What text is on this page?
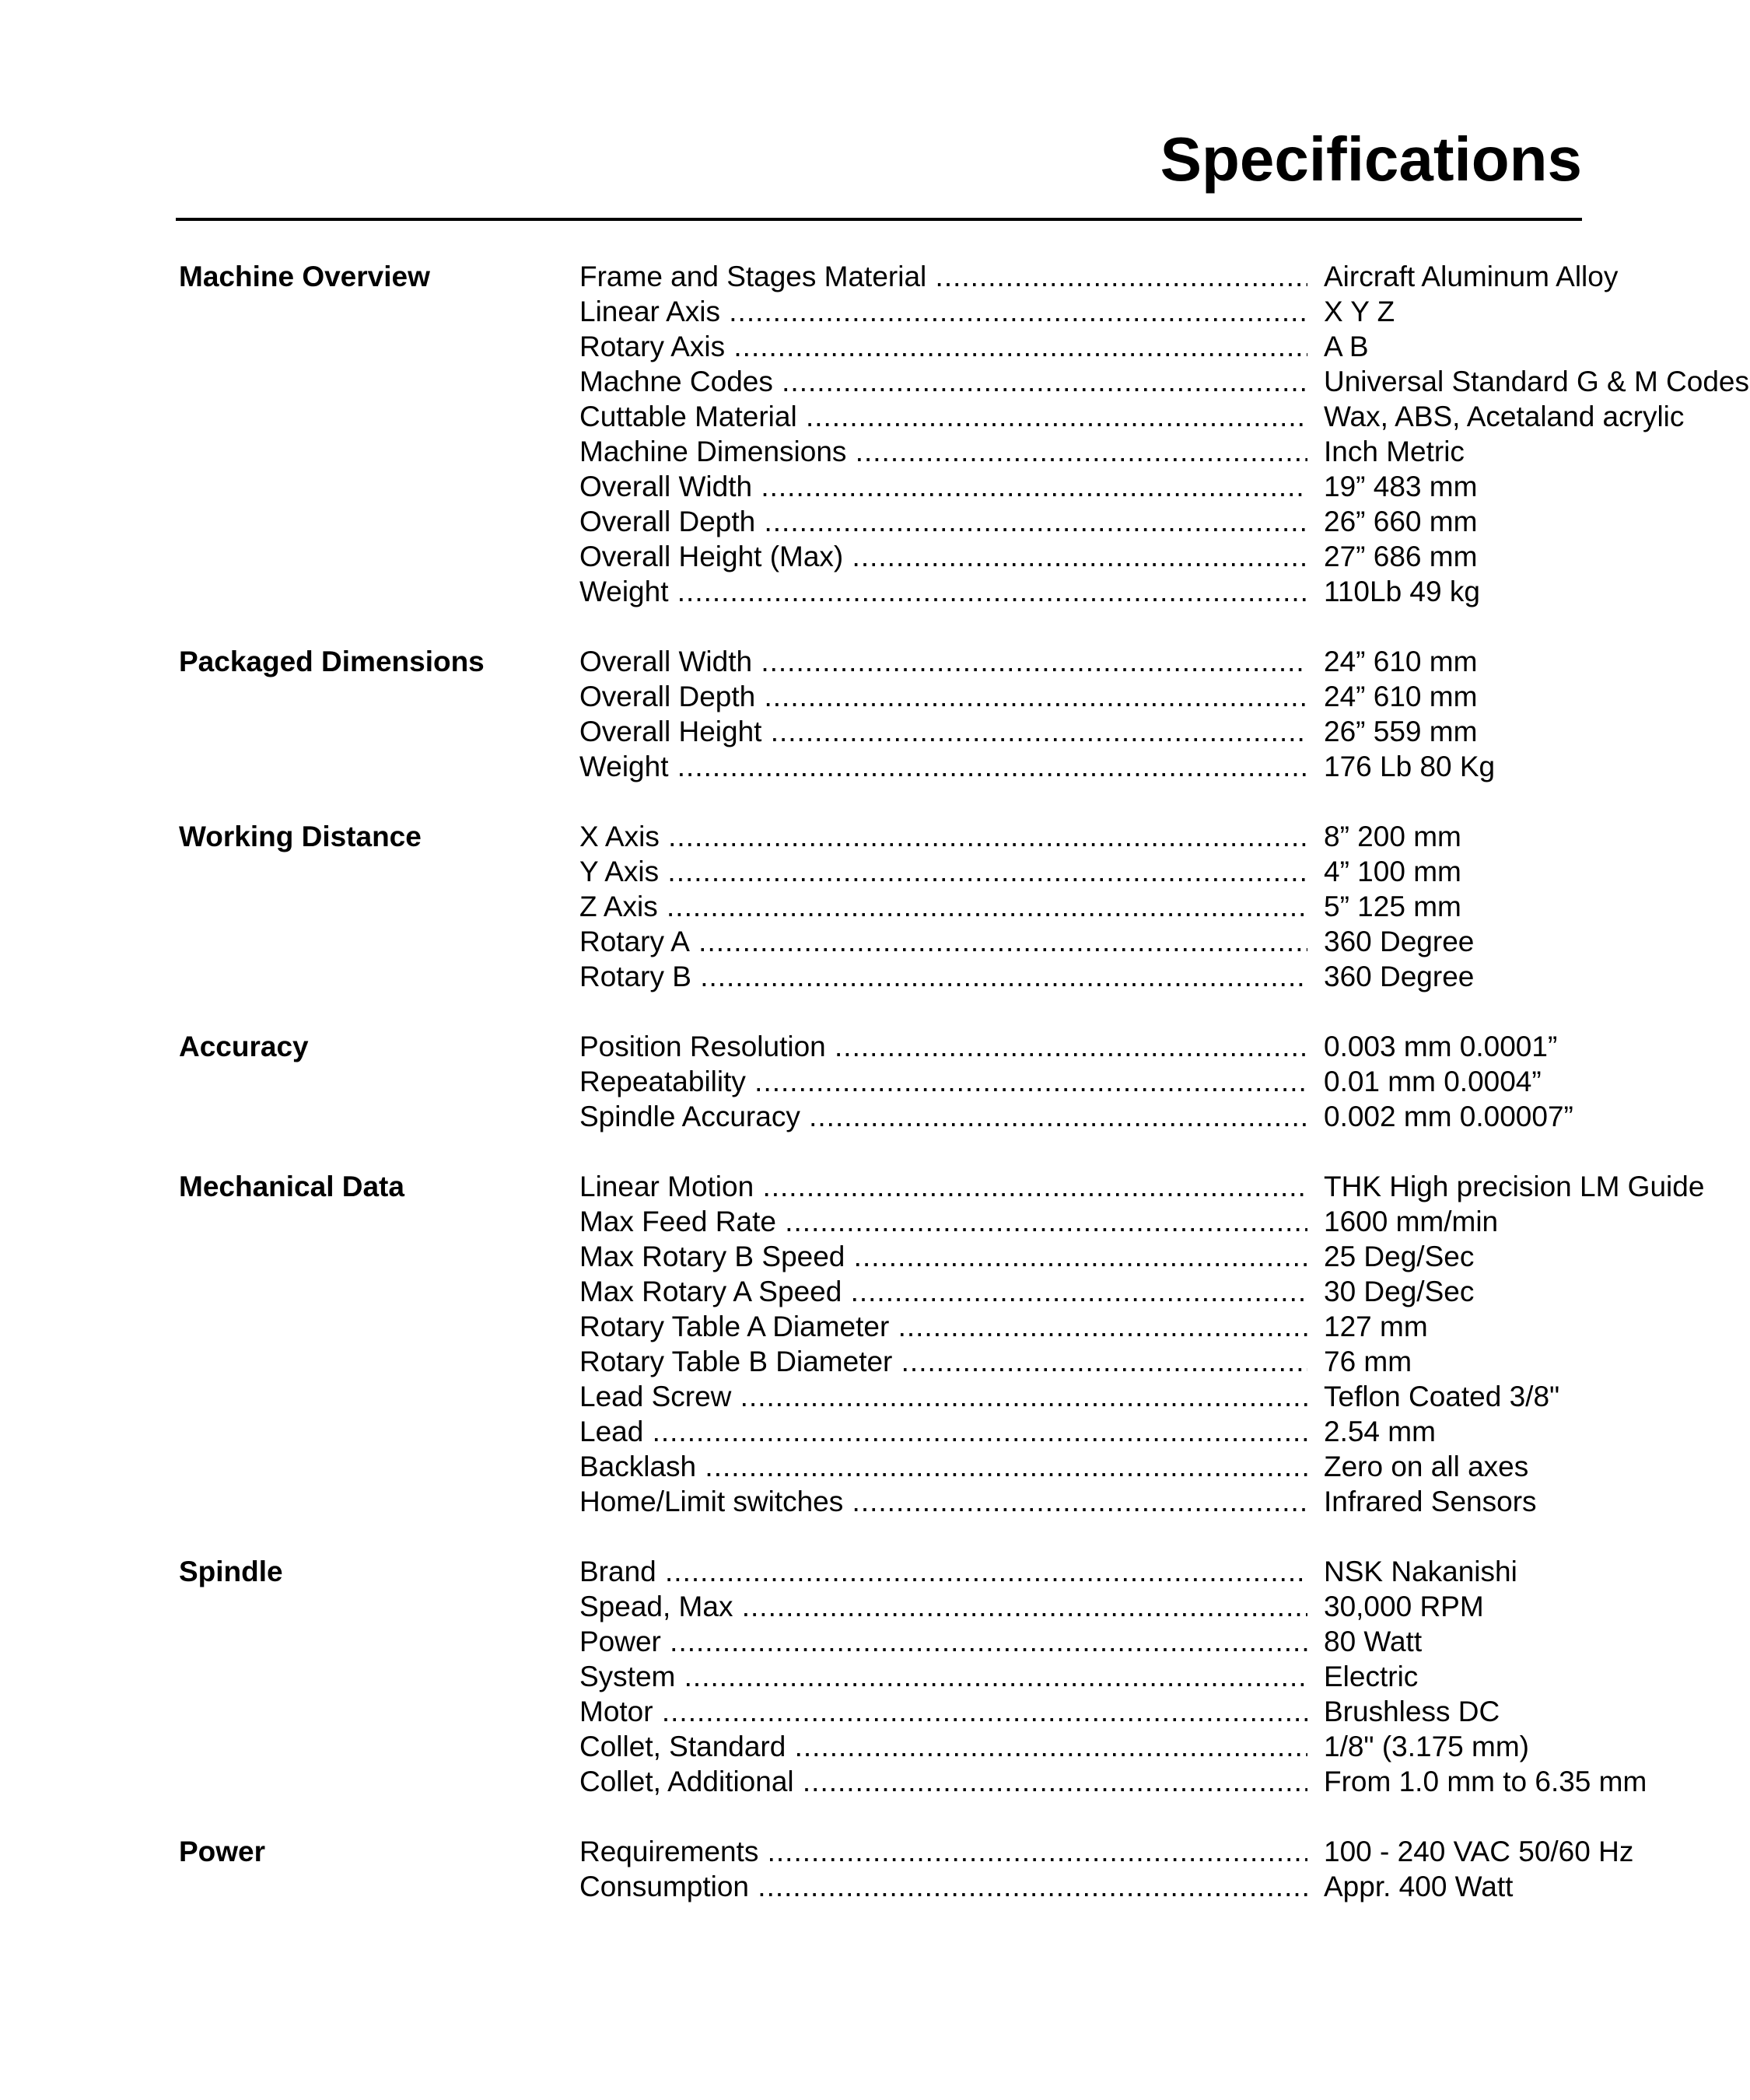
Specifications
Machine Overview	Frame and Stages Material .....	Aircraft Aluminum Alloy
Linear Axis .....	X Y Z
Rotary Axis .....	A B
Machne Codes .....	Universal Standard G & M Codes
Cuttable Material .....	Wax, ABS, Acetaland acrylic
Machine Dimensions .....	Inch Metric
Overall Width .....	19” 483 mm
Overall Depth .....	26” 660 mm
Overall Height (Max) .....	27” 686 mm
Weight .....	110Lb 49 kg
Packaged Dimensions	Overall Width .....	24” 610 mm
Overall Depth .....	24” 610 mm
Overall Height .....	26” 559 mm
Weight .....	176 Lb 80 Kg
Working Distance	X Axis .....	8” 200 mm
Y Axis .....	4” 100 mm
Z Axis .....	5” 125 mm
Rotary A .....	360 Degree
Rotary B .....	360 Degree
Accuracy	Position Resolution .....	0.003 mm 0.0001”
Repeatability .....	0.01 mm 0.0004”
Spindle Accuracy .....	0.002 mm 0.00007”
Mechanical Data	Linear Motion .....	THK High precision LM Guide
Max Feed Rate .....	1600 mm/min
Max Rotary B Speed .....	25 Deg/Sec
Max Rotary A Speed .....	30 Deg/Sec
Rotary Table A Diameter .....	127 mm
Rotary Table B Diameter .....	76 mm
Lead Screw .....	Teflon Coated 3/8"
Lead .....	2.54 mm
Backlash .....	Zero on all axes
Home/Limit switches .....	Infrared Sensors
Spindle	Brand .....	NSK Nakanishi
Spead, Max .....	30,000 RPM
Power .....	80 Watt
System .....	Electric
Motor .....	Brushless DC
Collet, Standard .....	1/8" (3.175 mm)
Collet, Additional .....	From 1.0 mm to 6.35 mm
Power	Requirements .....	100 - 240 VAC 50/60 Hz
Consumption .....	Appr. 400 Watt
